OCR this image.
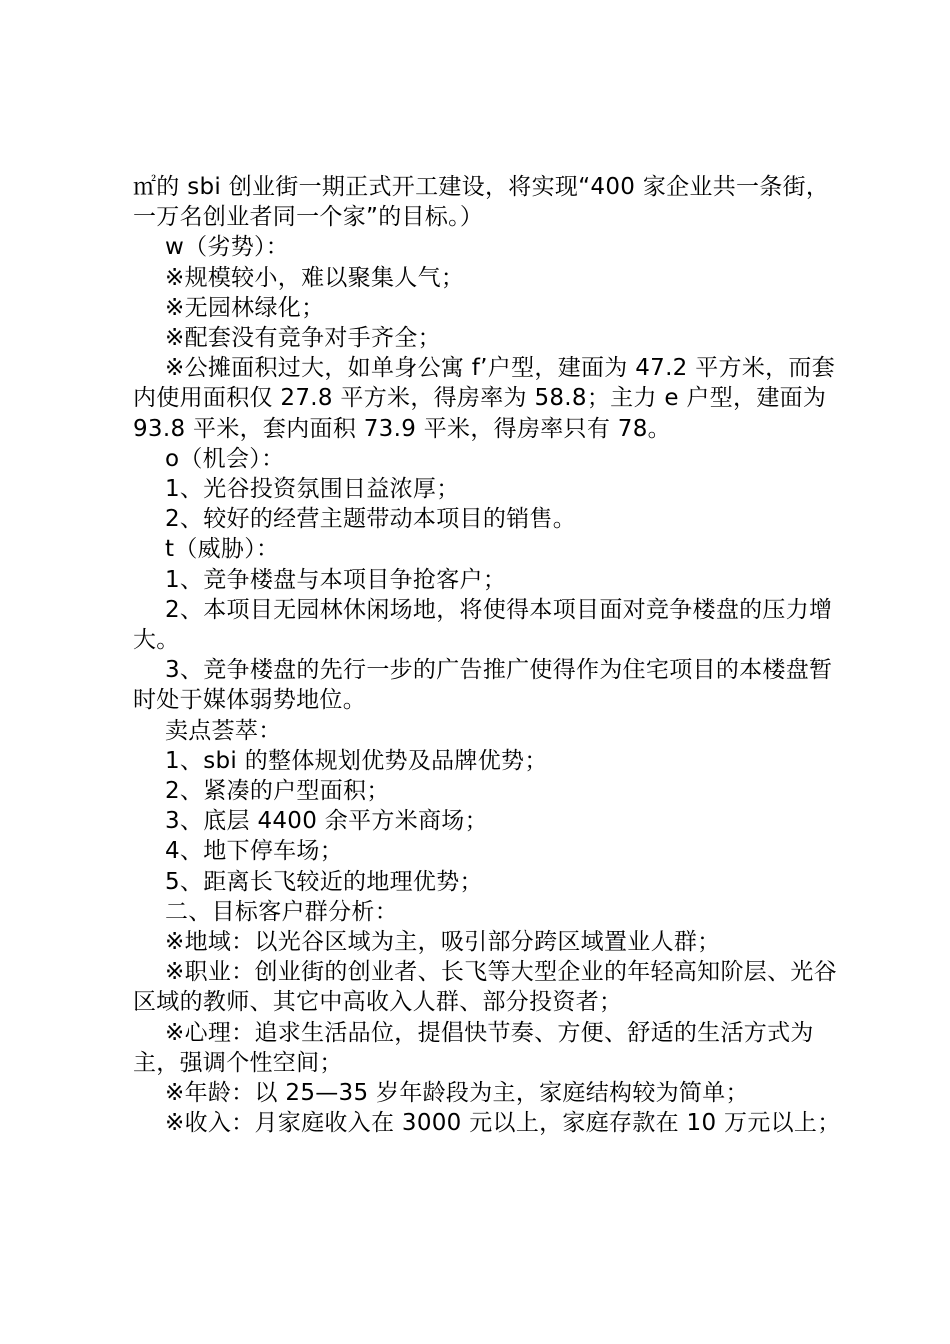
㎡的 sbi 创业街一期正式开工建设，将实现“400 家企业共一条街，一万名创业者同一个家”的目标。）

w（劣势）：

※规模较小，难以聚集人气；

※无园林绿化；

※配套没有竞争对手齐全；

※公摊面积过大，如单身公寓 f’户型，建面为 47.2 平方米，而套内使用面积仅 27.8 平方米，得房率为 58.8；主力 e 户型，建面为 93.8 平米，套内面积 73.9 平米，得房率只有 78。

o（机会）：

1、光谷投资氛围日益浓厚；

2、较好的经营主题带动本项目的销售。

t（威胁）：

1、竞争楼盘与本项目争抢客户；

2、本项目无园林休闲场地，将使得本项目面对竞争楼盘的压力增大。

3、竞争楼盘的先行一步的广告推广使得作为住宅项目的本楼盘暂时处于媒体弱势地位。

卖点荟萃：

1、sbi 的整体规划优势及品牌优势；

2、紧凑的户型面积；

3、底层 4400 余平方米商场；

4、地下停车场；

5、距离长飞较近的地理优势；

二、目标客户群分析：

※地域：以光谷区域为主，吸引部分跨区域置业人群；

※职业：创业街的创业者、长飞等大型企业的年轻高知阶层、光谷区域的教师、其它中高收入人群、部分投资者；

※心理：追求生活品位，提倡快节奏、方便、舒适的生活方式为主，强调个性空间；

※年龄：以 25—35 岁年龄段为主，家庭结构较为简单；

※收入：月家庭收入在 3000 元以上，家庭存款在 10 万元以上；
